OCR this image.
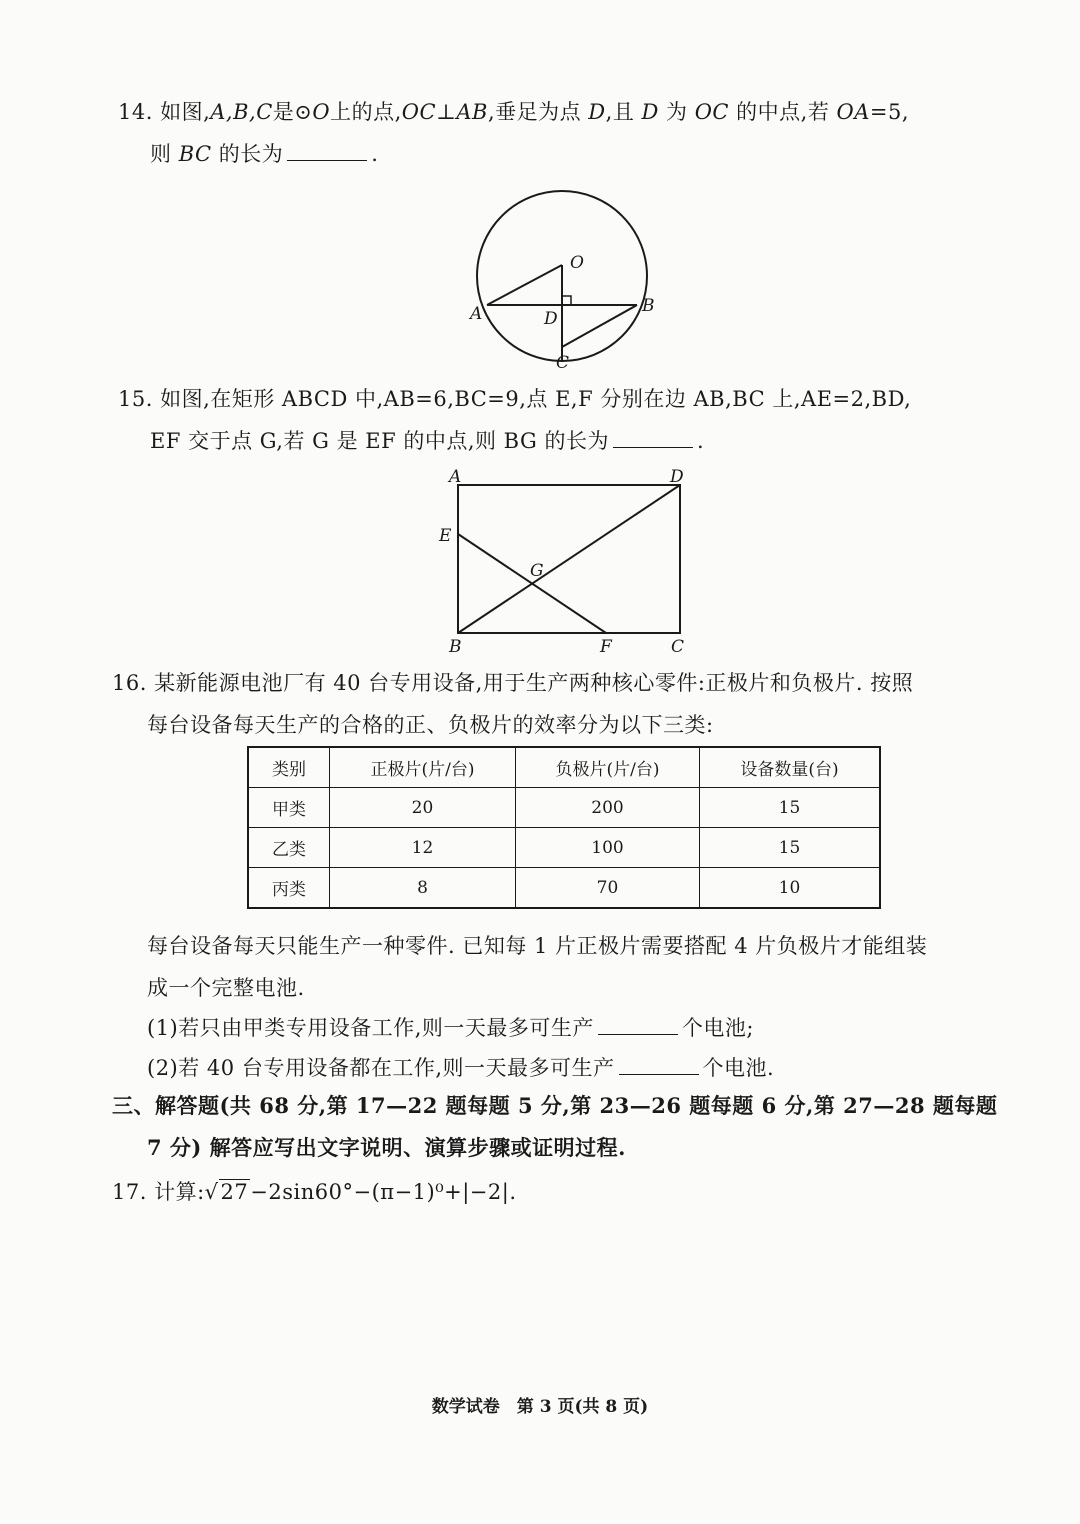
14. 如图,A,B,C是⊙O上的点,OC⊥AB,垂足为点 D,且 D 为 OC 的中点,若 OA=5,
则 BC 的长为	.
O
A	B
D
C
15. 如图,在矩形 ABCD 中,AB=6,BC=9,点 E,F 分别在边 AB,BC 上,AE=2,BD,
EF 交于点 G,若 G 是 EF 的中点,则 BG 的长为	.
A	D
E
G
B	F	C
16. 某新能源电池厂有 40 台专用设备,用于生产两种核心零件:正极片和负极片. 按照
每台设备每天生产的合格的正、负极片的效率分为以下三类:
类别	正极片(片/台)	负极片(片/台)	设备数量(台)
甲类	20	200	15
乙类	12	100	15
丙类	8	70	10
每台设备每天只能生产一种零件. 已知每 1 片正极片需要搭配 4 片负极片才能组装
成一个完整电池.
(1)若只由甲类专用设备工作,则一天最多可生产	个电池;
(2)若 40 台专用设备都在工作,则一天最多可生产	个电池.
三、解答题(共 68 分,第 17—22 题每题 5 分,第 23—26 题每题 6 分,第 27—28 题每题
7 分) 解答应写出文字说明、演算步骤或证明过程.
17. 计算:√27−2sin60°−(π−1)⁰+|−2|.
数学试卷　第 3 页(共 8 页)
